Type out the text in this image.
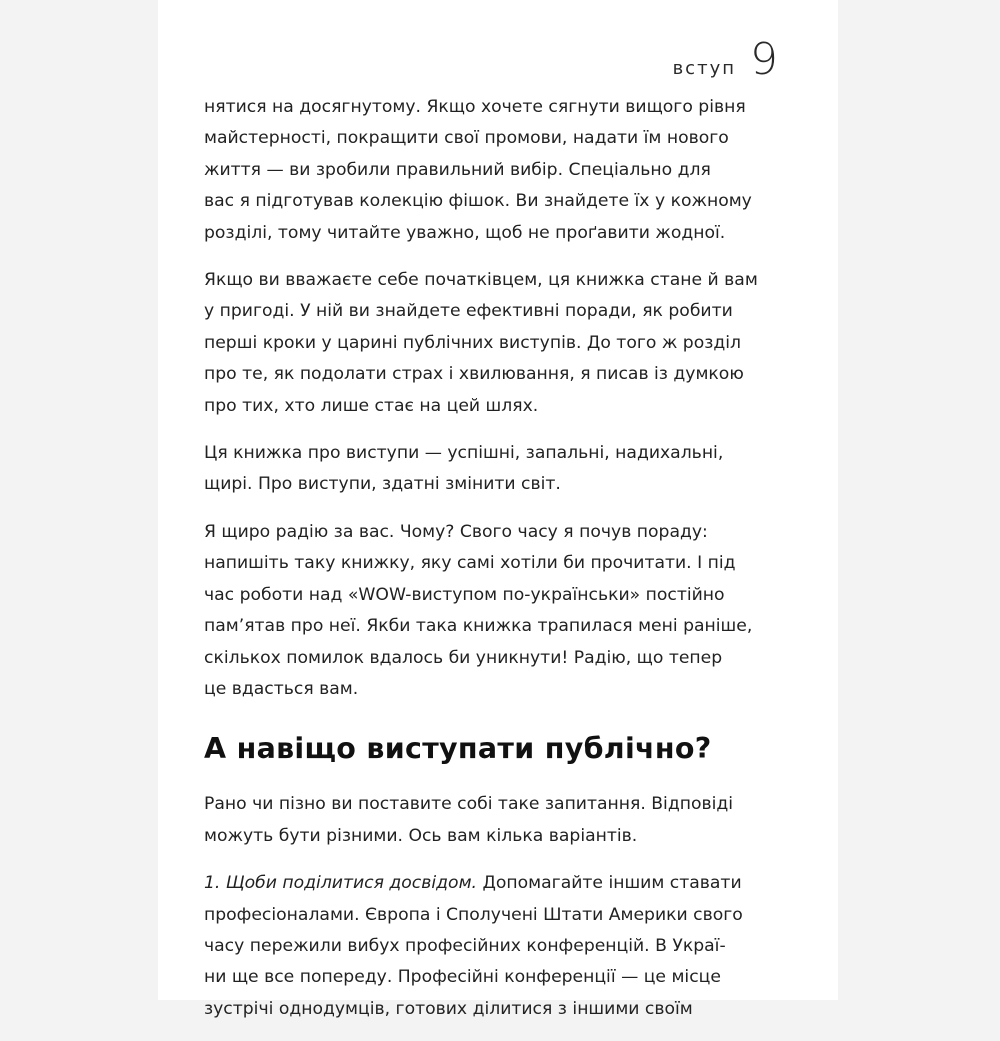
вступ 9

нятися на досягнутому. Якщо хочете сягнути вищого рівня
майстерності, покращити свої промови, надати їм нового
життя — ви зробили правильний вибір. Спеціально для
вас я підготував колекцію фішок. Ви знайдете їх у кожному
розділі, тому читайте уважно, щоб не проґавити жодної.

Якщо ви вважаєте себе початківцем, ця книжка стане й вам
у пригоді. У ній ви знайдете ефективні поради, як робити
перші кроки у царині публічних виступів. До того ж розділ
про те, як подолати страх і хвилювання, я писав із думкою
про тих, хто лише стає на цей шлях.

Ця книжка про виступи — успішні, запальні, надихальні,
щирі. Про виступи, здатні змінити світ.

Я щиро радію за вас. Чому? Свого часу я почув пораду:
напишіть таку книжку, яку самі хотіли би прочитати. І під
час роботи над «WOW-виступом по-українськи» постійно
пам’ятав про неї. Якби така книжка трапилася мені раніше,
скількох помилок вдалось би уникнути! Радію, що тепер
це вдасться вам.

А навіщо виступати публічно?

Рано чи пізно ви поставите собі таке запитання. Відповіді
можуть бути різними. Ось вам кілька варіантів.

1. Щоби поділитися досвідом. Допомагайте іншим ставати
професіоналами. Європа і Сполучені Штати Америки свого
часу пережили вибух професійних конференцій. В Украї-
ни ще все попереду. Професійні конференції — це місце
зустрічі однодумців, готових ділитися з іншими своїм
